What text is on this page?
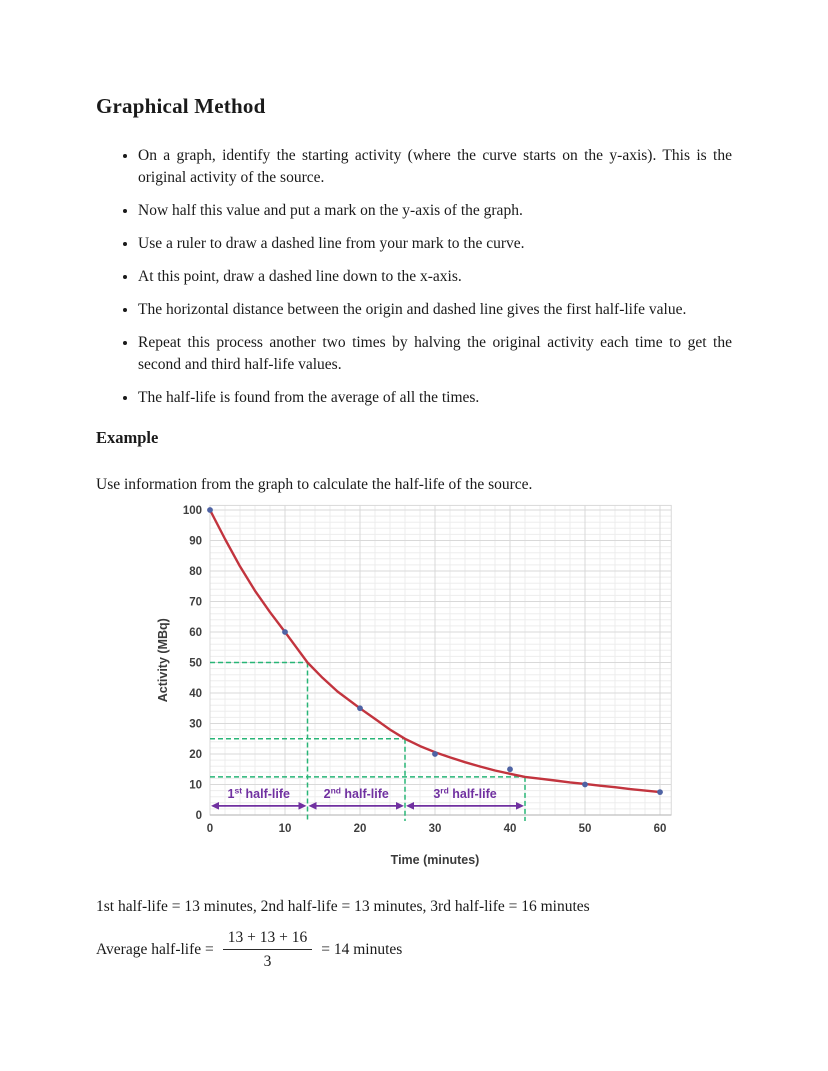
Graphical Method
• On a graph, identify the starting activity (where the curve starts on the y-axis). This is the original activity of the source.
• Now half this value and put a mark on the y-axis of the graph.
• Use a ruler to draw a dashed line from your mark to the curve.
• At this point, draw a dashed line down to the x-axis.
• The horizontal distance between the origin and dashed line gives the first half-life value.
• Repeat this process another two times by halving the original activity each time to get the second and third half-life values.
• The half-life is found from the average of all the times.
Example

Use information from the graph to calculate the half-life of the source.

0	10	20	30	40	50	60
0
10
20
30
40
50
60
70
80
90
100
1st half-life	2nd half-life	3rd half-life
Time (minutes)
Activity (MBq)

1st half-life = 13 minutes, 2nd half-life = 13 minutes, 3rd half-life = 16 minutes

Average half-life = $\frac{13 + 13 + 16}{3} = 14$ minutes
